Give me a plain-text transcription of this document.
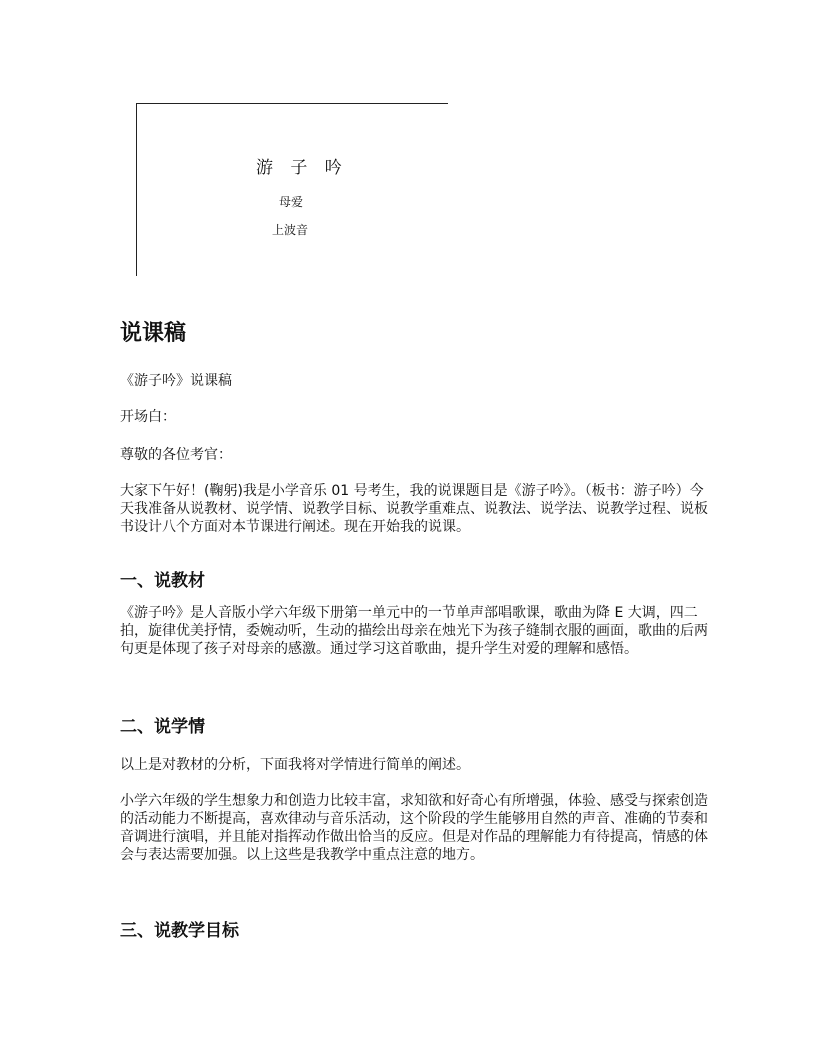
游 子 吟
母爱
上波音
说课稿

《游子吟》说课稿

开场白：

尊敬的各位考官：

大家下午好！(鞠躬)我是小学音乐 01 号考生，我的说课题目是《游子吟》。（板书：游子吟）今天我准备从说教材、说学情、说教学目标、说教学重难点、说教法、说学法、说教学过程、说板书设计八个方面对本节课进行阐述。现在开始我的说课。

一、说教材

《游子吟》是人音版小学六年级下册第一单元中的一节单声部唱歌课，歌曲为降 E 大调，四二拍，旋律优美抒情，委婉动听，生动的描绘出母亲在烛光下为孩子缝制衣服的画面，歌曲的后两句更是体现了孩子对母亲的感激。通过学习这首歌曲，提升学生对爱的理解和感悟。

二、说学情

以上是对教材的分析，下面我将对学情进行简单的阐述。

小学六年级的学生想象力和创造力比较丰富，求知欲和好奇心有所增强，体验、感受与探索创造的活动能力不断提高，喜欢律动与音乐活动，这个阶段的学生能够用自然的声音、准确的节奏和音调进行演唱，并且能对指挥动作做出恰当的反应。但是对作品的理解能力有待提高，情感的体会与表达需要加强。以上这些是我教学中重点注意的地方。

三、说教学目标
